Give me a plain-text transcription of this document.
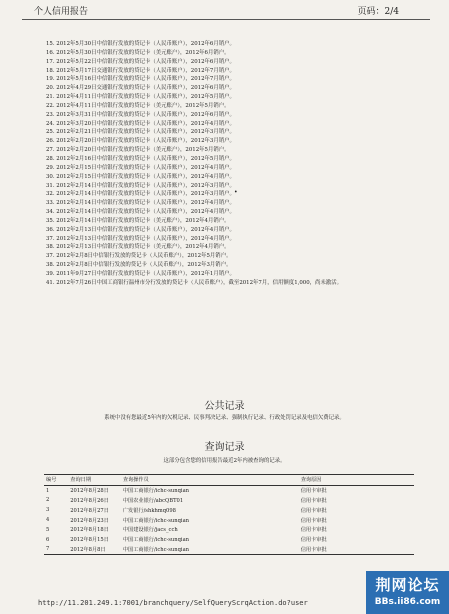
个人信用报告	页码：2/4
15. 2012年5月30日中信银行发放的贷记卡（人民币账户），2012年6月销户。
16. 2012年5月30日中信银行发放的贷记卡（美元账户），2012年6月销户。
17. 2012年5月22日中信银行发放的贷记卡（人民币账户），2012年6月销户。
18. 2012年5月17日交通银行发放的贷记卡（人民币账户），2012年7月销户。
19. 2012年5月16日中信银行发放的贷记卡（人民币账户），2012年7月销户。
20. 2012年4月29日交通银行发放的贷记卡（人民币账户），2012年6月销户。
21. 2012年4月11日中信银行发放的贷记卡（人民币账户），2012年5月销户。
22. 2012年4月11日中信银行发放的贷记卡（美元账户），2012年5月销户。
23. 2012年3月31日中信银行发放的贷记卡（人民币账户），2012年6月销户。
24. 2012年3月20日中信银行发放的贷记卡（人民币账户），2012年4月销户。
25. 2012年2月21日中信银行发放的贷记卡（人民币账户），2012年3月销户。
26. 2012年2月20日中信银行发放的贷记卡（人民币账户），2012年3月销户。
27. 2012年2月20日中信银行发放的贷记卡（美元账户），2012年5月销户。
28. 2012年2月16日中信银行发放的贷记卡（人民币账户），2012年5月销户。
29. 2012年2月15日中信银行发放的贷记卡（人民币账户），2012年4月销户。
30. 2012年2月15日中信银行发放的贷记卡（人民币账户），2012年4月销户。
31. 2012年2月14日中信银行发放的贷记卡（人民币账户），2012年3月销户。
32. 2012年2月14日中信银行发放的贷记卡（人民币账户），2012年3月销户。
33. 2012年2月14日中信银行发放的贷记卡（人民币账户），2012年4月销户。
34. 2012年2月14日中信银行发放的贷记卡（人民币账户），2012年4月销户。
35. 2012年2月14日中信银行发放的贷记卡（美元账户），2012年4月销户。
36. 2012年2月13日中信银行发放的贷记卡（人民币账户），2012年4月销户。
37. 2012年2月13日中信银行发放的贷记卡（人民币账户），2012年4月销户。
38. 2012年2月13日中信银行发放的贷记卡（美元账户），2012年4月销户。
37. 2012年2月8日中信银行发放的贷记卡（人民币账户），2012年5月销户。
38. 2012年2月8日中信银行发放的贷记卡（人民币账户），2012年3月销户。
39. 2011年9月27日中信银行发放的贷记卡（人民币账户），2012年1月销户。
41. 2012年7月26日中国工商银行温州市分行发放的贷记卡（人民币账户），截至2012年7月，信用额度1,000，尚未激活。
•
公共记录
系统中没有您最近5年内的欠税记录、民事判决记录、强制执行记录、行政处罚记录及电信欠费记录。
查询记录
这部分包含您的信用报告最近2年内被查询的记录。
编号	查询日期	查询操作员	查询原因
1	2012年8月28日	中国工商银行/ichc-sunqian	信用卡审批
2	2012年8月26日	中国农业银行/abcQBT01	信用卡审批
3	2012年8月27日	广发银行/shkhmq098	信用卡审批
4	2012年8月23日	中国工商银行/ichc-sunqian	信用卡审批
5	2012年8月18日	中国建设银行/jacs_cch	信用卡审批
6	2012年8月15日	中国工商银行/ichc-sunqian	信用卡审批
7	2012年8月8日	中国工商银行/ichc-sunqian	信用卡审批
http://11.201.249.1:7001/branchquery/SelfQueryScrqAction.do?user
荆网论坛
BBs.ii86.com
